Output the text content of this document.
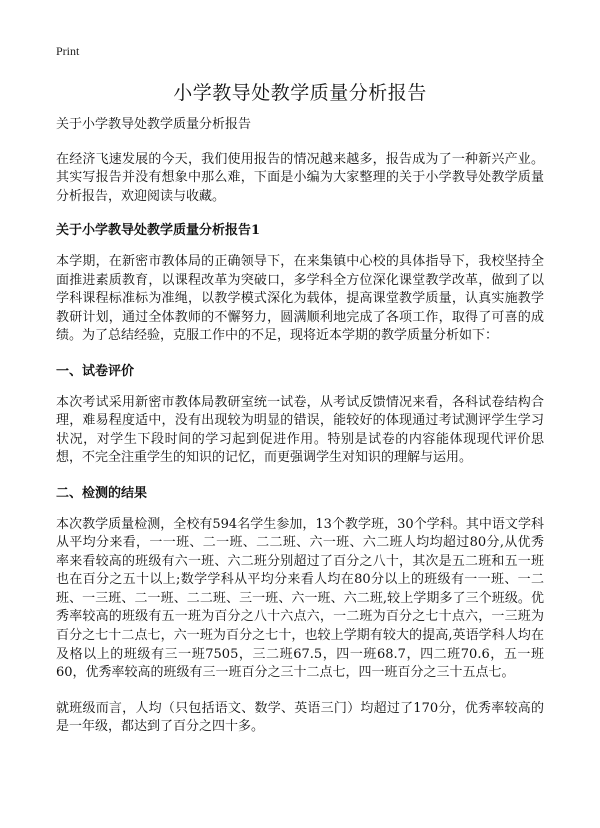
Print
小学教导处教学质量分析报告

关于小学教导处教学质量分析报告

在经济飞速发展的今天，我们使用报告的情况越来越多，报告成为了一种新兴产业。其实写报告并没有想象中那么难，下面是小编为大家整理的关于小学教导处教学质量分析报告，欢迎阅读与收藏。

关于小学教导处教学质量分析报告1

本学期，在新密市教体局的正确领导下，在来集镇中心校的具体指导下，我校坚持全面推进素质教育，以课程改革为突破口，多学科全方位深化课堂教学改革，做到了以学科课程标准标为准绳，以教学模式深化为载体，提高课堂教学质量，认真实施教学教研计划，通过全体教师的不懈努力，圆满顺利地完成了各项工作，取得了可喜的成绩。为了总结经验，克服工作中的不足，现将近本学期的教学质量分析如下：

一、试卷评价

本次考试采用新密市教体局教研室统一试卷，从考试反馈情况来看，各科试卷结构合理，难易程度适中，没有出现较为明显的错误，能较好的体现通过考试测评学生学习状况，对学生下段时间的学习起到促进作用。特别是试卷的内容能体现现代评价思想，不完全注重学生的知识的记忆，而更强调学生对知识的理解与运用。

二、检测的结果

本次教学质量检测，全校有594名学生参加，13个教学班，30个学科。其中语文学科从平均分来看，一一班、二一班、二二班、六一班、六二班人均均超过80分,从优秀率来看较高的班级有六一班、六二班分别超过了百分之八十，其次是五二班和五一班也在百分之五十以上;数学学科从平均分来看人均在80分以上的班级有一一班、一二班、一三班、二一班、二二班、三一班、六一班、六二班,较上学期多了三个班级。优秀率较高的班级有五一班为百分之八十六点六，一二班为百分之七十点六，一三班为百分之七十二点七，六一班为百分之七十，也较上学期有较大的提高,英语学科人均在及格以上的班级有三一班7505，三二班67.5，四一班68.7，四二班70.6，五一班60，优秀率较高的班级有三一班百分之三十二点七，四一班百分之三十五点七。

就班级而言，人均（只包括语文、数学、英语三门）均超过了170分，优秀率较高的是一年级，都达到了百分之四十多。
